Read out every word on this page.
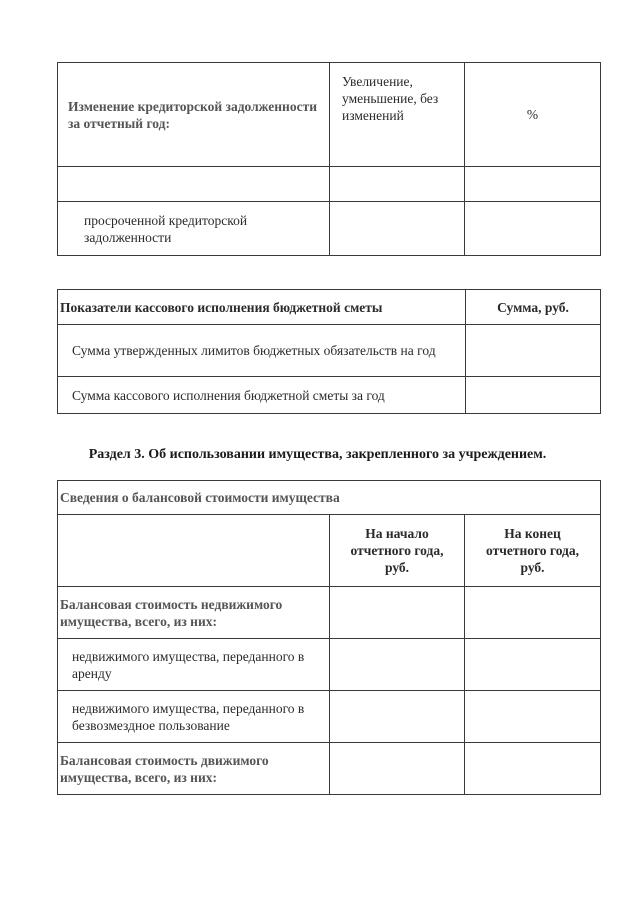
Изменение кредиторской задолженности за отчетный год:	Увеличение, уменьшение, без изменений	%

просроченной кредиторской задолженности		
Показатели кассового исполнения бюджетной сметы	Сумма, руб.
Сумма утвержденных лимитов бюджетных обязательств на год	
Сумма кассового исполнения бюджетной сметы за год	
Раздел 3. Об использовании имущества, закрепленного за учреждением.
Сведения о балансовой стоимости имущества		
	На начало отчетного года, руб.	На конец отчетного года, руб.
Балансовая стоимость недвижимого имущества, всего, из них:		
недвижимого имущества, переданного в аренду		
недвижимого имущества, переданного в безвозмездное пользование		
Балансовая стоимость движимого имущества, всего, из них:		
